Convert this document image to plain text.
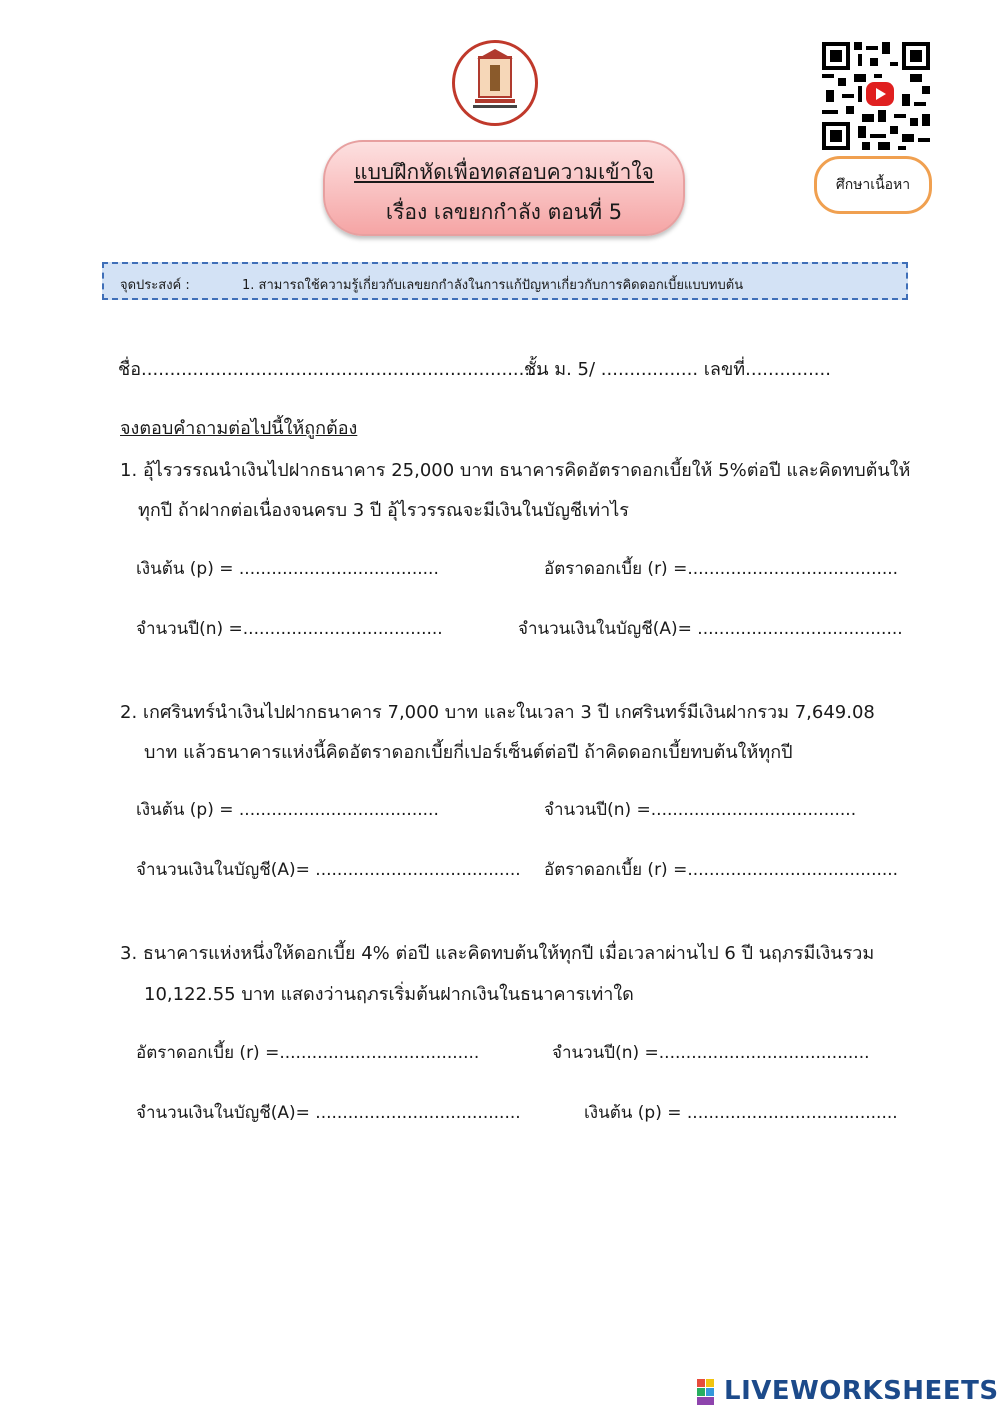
ศึกษาเนื้อหา
แบบฝึกหัดเพื่อทดสอบความเข้าใจ
เรื่อง เลขยกกำลัง ตอนที่ 5
จุดประสงค์ :	1. สามารถใช้ความรู้เกี่ยวกับเลขยกกำลังในการแก้ปัญหาเกี่ยวกับการคิดดอกเบี้ยแบบทบต้น
ชื่อ......................................................................
ชั้น ม. 5/ ................. เลขที่...............
จงตอบคำถามต่อไปนี้ให้ถูกต้อง
1. อุ้ไรวรรณนำเงินไปฝากธนาคาร 25,000 บาท ธนาคารคิดอัตราดอกเบี้ยให้ 5%ต่อปี และคิดทบต้นให้
ทุกปี ถ้าฝากต่อเนื่องจนครบ 3 ปี อุ้ไรวรรณจะมีเงินในบัญชีเท่าไร
เงินต้น (p) = .....................................	อัตราดอกเบี้ย (r) =.......................................
จำนวนปี(n) =.....................................	จำนวนเงินในบัญชี(A)= ......................................
2. เกศรินทร์นำเงินไปฝากธนาคาร 7,000 บาท และในเวลา 3 ปี เกศรินทร์มีเงินฝากรวม 7,649.08
บาท แล้วธนาคารแห่งนี้คิดอัตราดอกเบี้ยกี่เปอร์เซ็นต์ต่อปี ถ้าคิดดอกเบี้ยทบต้นให้ทุกปี
เงินต้น (p) = .....................................	จำนวนปี(n) =......................................
จำนวนเงินในบัญชี(A)= ...................................... อัตราดอกเบี้ย (r) =.......................................
3. ธนาคารแห่งหนึ่งให้ดอกเบี้ย 4% ต่อปี และคิดทบต้นให้ทุกปี เมื่อเวลาผ่านไป 6 ปี นฤภรมีเงินรวม
10,122.55 บาท แสดงว่านฤภรเริ่มต้นฝากเงินในธนาคารเท่าใด
อัตราดอกเบี้ย (r) =.....................................	จำนวนปี(n) =.......................................
จำนวนเงินในบัญชี(A)= ......................................	เงินต้น (p) = .......................................
LIVEWORKSHEETS
